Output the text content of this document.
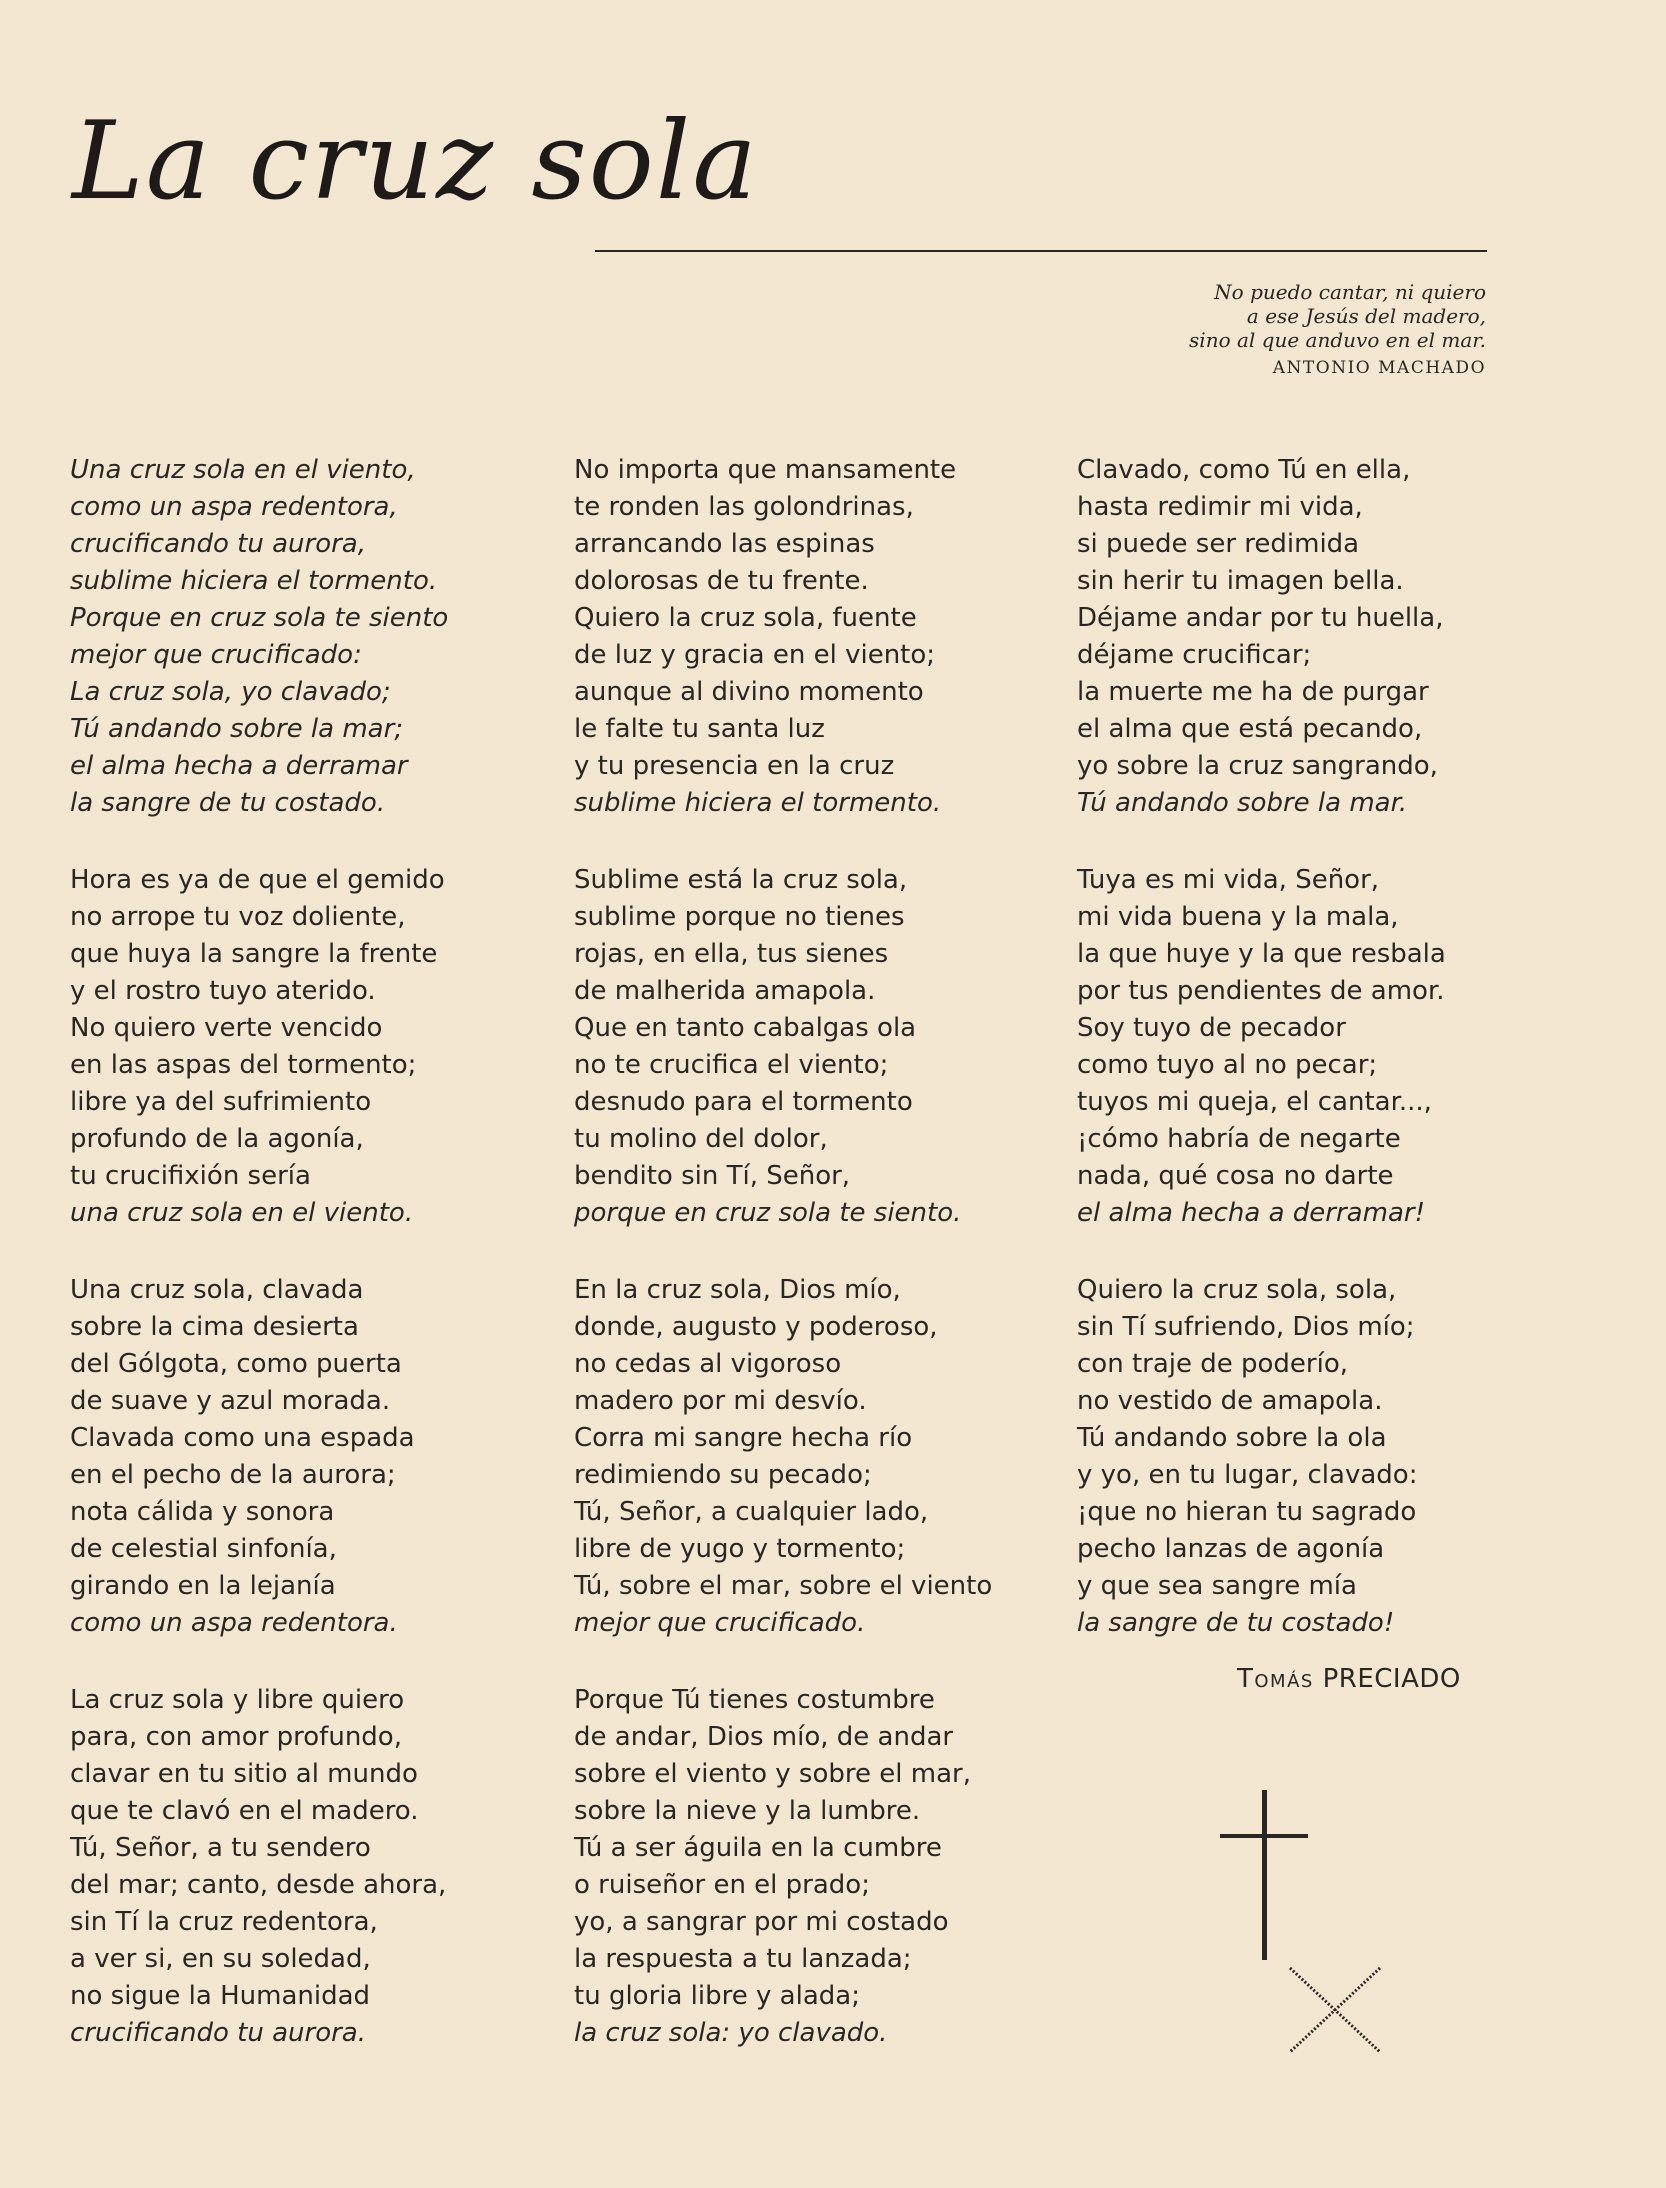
La cruz sola
No puedo cantar, ni quiero
a ese Jesús del madero,
sino al que anduvo en el mar.
ANTONIO MACHADO
Una cruz sola en el viento,
como un aspa redentora,
crucificando tu aurora,
sublime hiciera el tormento.
Porque en cruz sola te siento
mejor que crucificado:
La cruz sola, yo clavado;
Tú andando sobre la mar;
el alma hecha a derramar
la sangre de tu costado.
Hora es ya de que el gemido
no arrope tu voz doliente,
que huya la sangre la frente
y el rostro tuyo aterido.
No quiero verte vencido
en las aspas del tormento;
libre ya del sufrimiento
profundo de la agonía,
tu crucifixión sería
una cruz sola en el viento.
Una cruz sola, clavada
sobre la cima desierta
del Gólgota, como puerta
de suave y azul morada.
Clavada como una espada
en el pecho de la aurora;
nota cálida y sonora
de celestial sinfonía,
girando en la lejanía
como un aspa redentora.
La cruz sola y libre quiero
para, con amor profundo,
clavar en tu sitio al mundo
que te clavó en el madero.
Tú, Señor, a tu sendero
del mar; canto, desde ahora,
sin Tí la cruz redentora,
a ver si, en su soledad,
no sigue la Humanidad
crucificando tu aurora.
No importa que mansamente
te ronden las golondrinas,
arrancando las espinas
dolorosas de tu frente.
Quiero la cruz sola, fuente
de luz y gracia en el viento;
aunque al divino momento
le falte tu santa luz
y tu presencia en la cruz
sublime hiciera el tormento.
Sublime está la cruz sola,
sublime porque no tienes
rojas, en ella, tus sienes
de malherida amapola.
Que en tanto cabalgas ola
no te crucifica el viento;
desnudo para el tormento
tu molino del dolor,
bendito sin Tí, Señor,
porque en cruz sola te siento.
En la cruz sola, Dios mío,
donde, augusto y poderoso,
no cedas al vigoroso
madero por mi desvío.
Corra mi sangre hecha río
redimiendo su pecado;
Tú, Señor, a cualquier lado,
libre de yugo y tormento;
Tú, sobre el mar, sobre el viento
mejor que crucificado.
Porque Tú tienes costumbre
de andar, Dios mío, de andar
sobre el viento y sobre el mar,
sobre la nieve y la lumbre.
Tú a ser águila en la cumbre
o ruiseñor en el prado;
yo, a sangrar por mi costado
la respuesta a tu lanzada;
tu gloria libre y alada;
la cruz sola: yo clavado.
Clavado, como Tú en ella,
hasta redimir mi vida,
si puede ser redimida
sin herir tu imagen bella.
Déjame andar por tu huella,
déjame crucificar;
la muerte me ha de purgar
el alma que está pecando,
yo sobre la cruz sangrando,
Tú andando sobre la mar.
Tuya es mi vida, Señor,
mi vida buena y la mala,
la que huye y la que resbala
por tus pendientes de amor.
Soy tuyo de pecador
como tuyo al no pecar;
tuyos mi queja, el cantar...,
¡cómo habría de negarte
nada, qué cosa no darte
el alma hecha a derramar!
Quiero la cruz sola, sola,
sin Tí sufriendo, Dios mío;
con traje de poderío,
no vestido de amapola.
Tú andando sobre la ola
y yo, en tu lugar, clavado:
¡que no hieran tu sagrado
pecho lanzas de agonía
y que sea sangre mía
la sangre de tu costado!
Tomás PRECIADO
